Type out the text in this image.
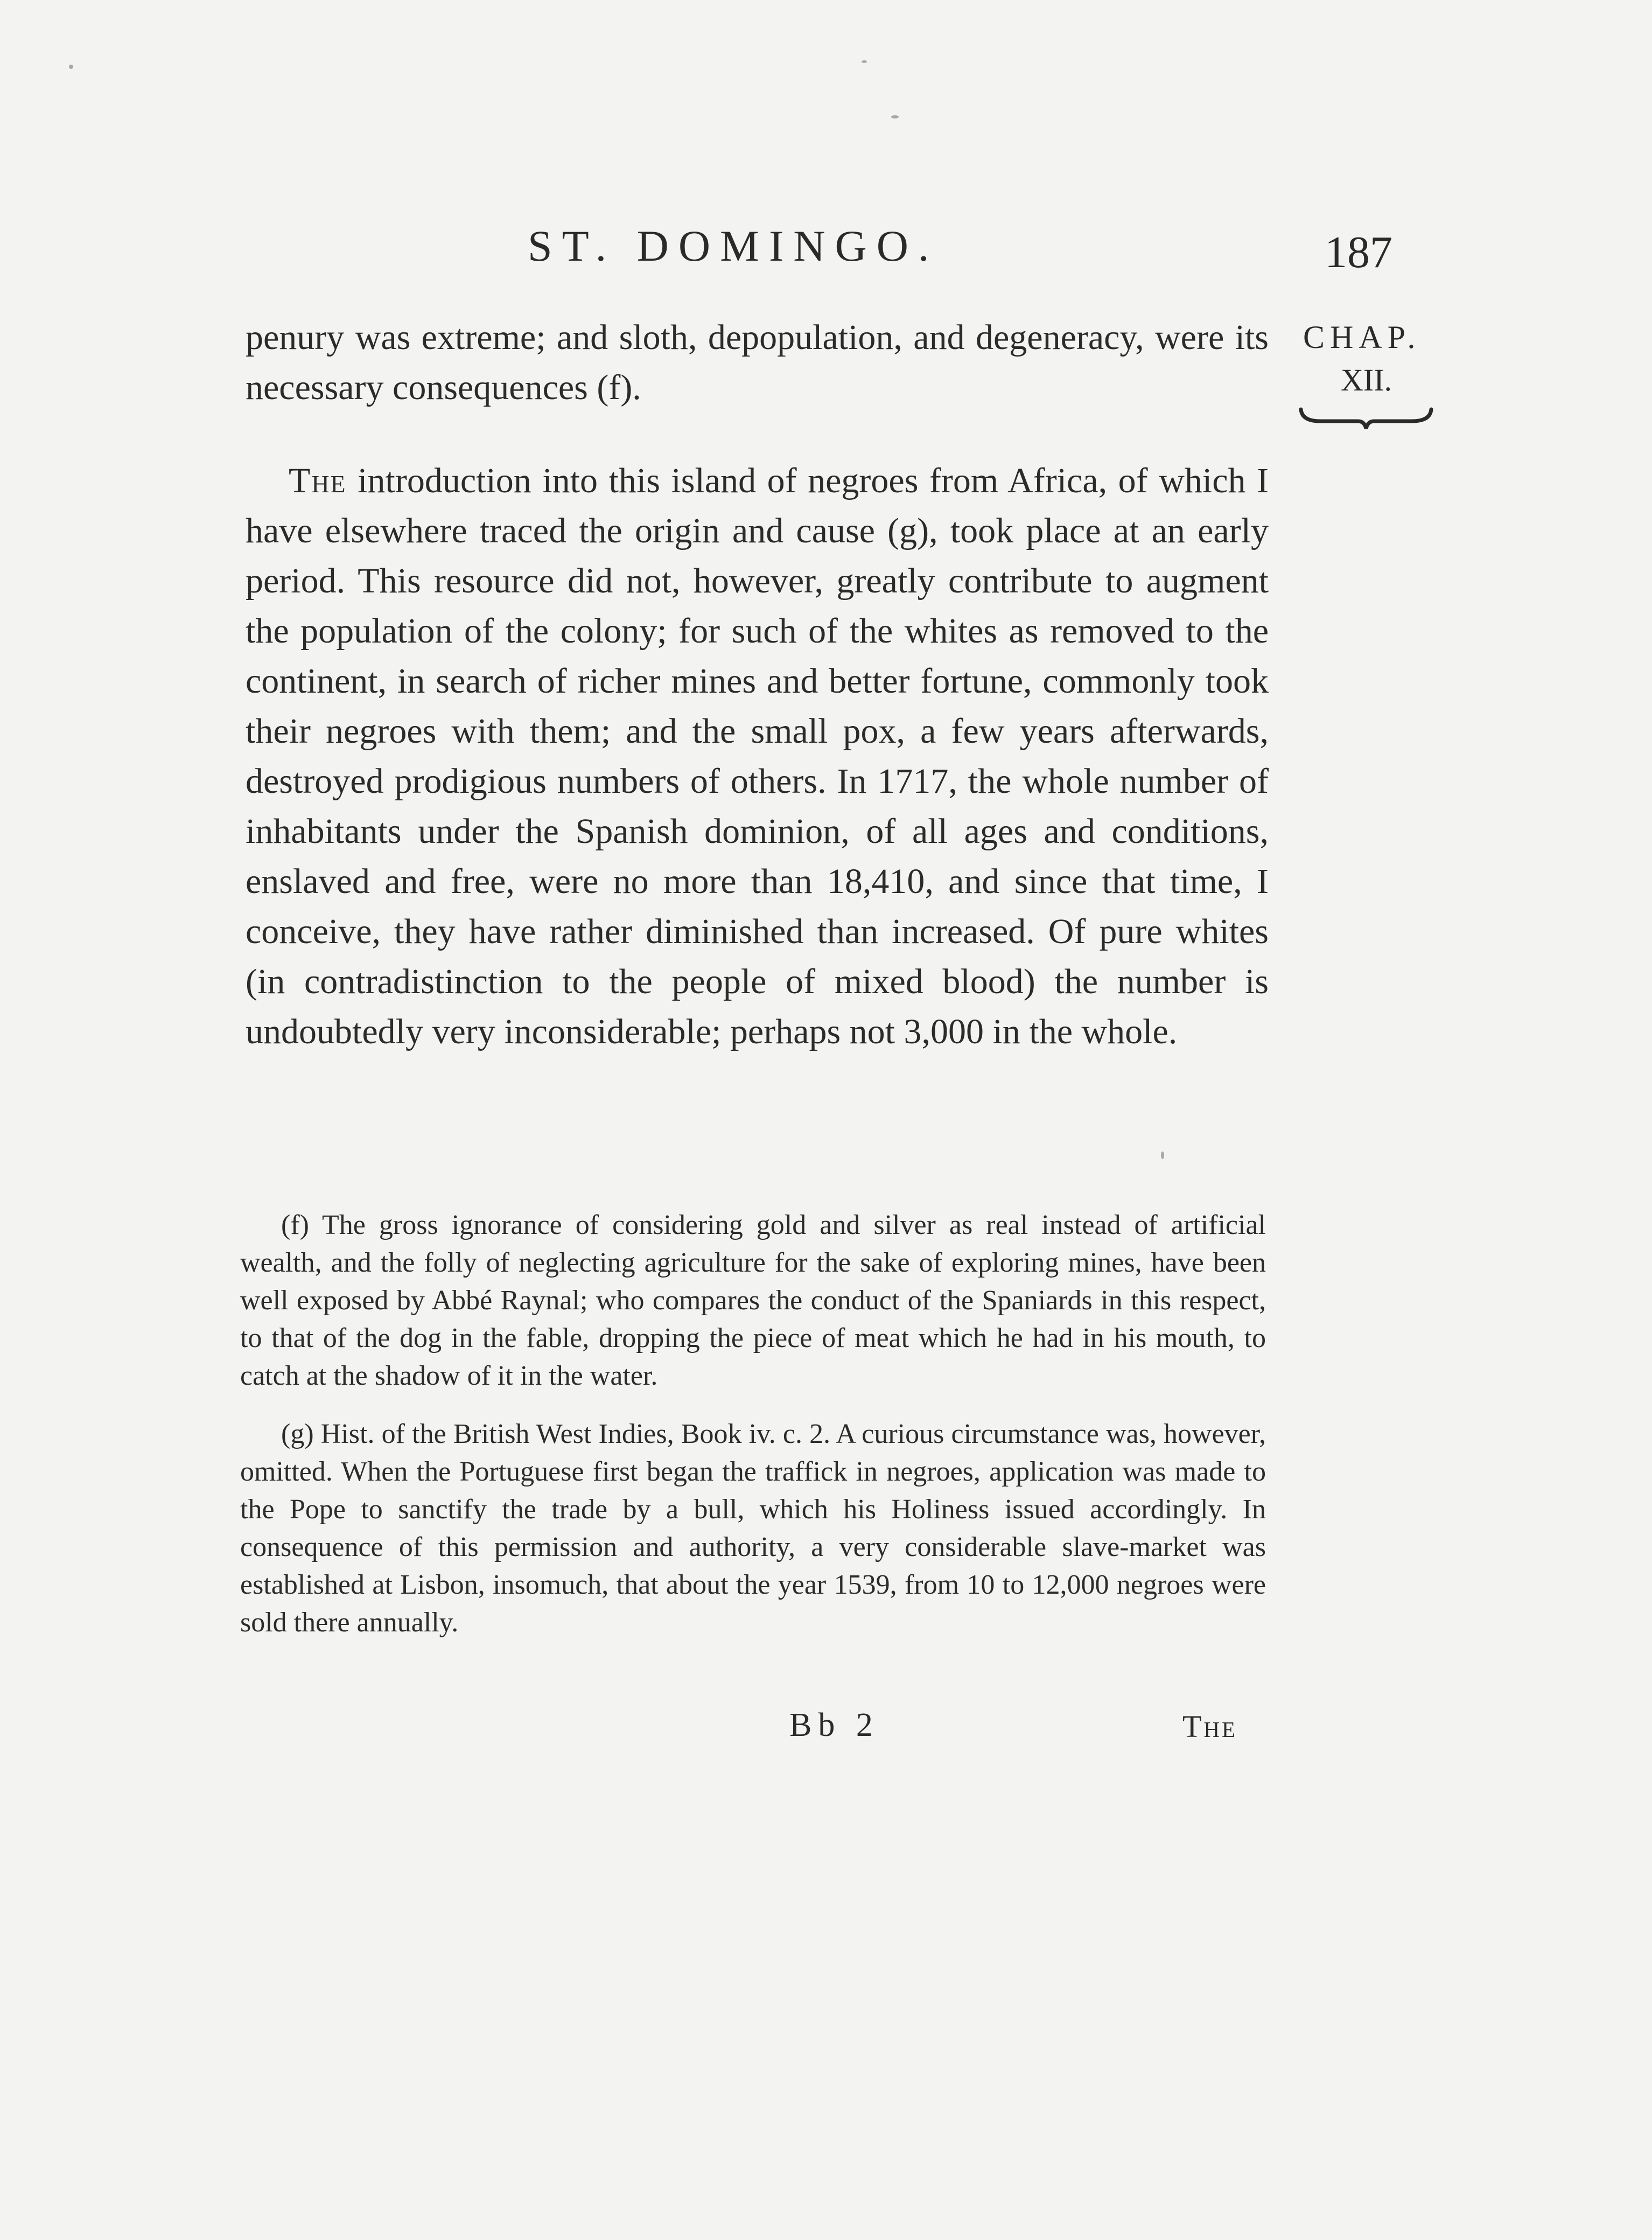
ST. DOMINGO.	187
CHAP.
XII.

penury was extreme; and sloth, depopulation, and degeneracy, were its necessary consequences (f).

The introduction into this island of negroes from Africa, of which I have elsewhere traced the origin and cause (g), took place at an early period. This resource did not, however, greatly contribute to augment the population of the colony; for such of the whites as removed to the continent, in search of richer mines and better fortune, commonly took their negroes with them; and the small pox, a few years afterwards, destroyed prodigious numbers of others. In 1717, the whole number of inhabitants under the Spanish dominion, of all ages and conditions, enslaved and free, were no more than 18,410, and since that time, I conceive, they have rather diminished than increased. Of pure whites (in contradistinction to the people of mixed blood) the number is undoubtedly very inconsiderable; perhaps not 3,000 in the whole.

(f) The gross ignorance of considering gold and silver as real instead of artificial wealth, and the folly of neglecting agriculture for the sake of exploring mines, have been well exposed by Abbé Raynal; who compares the conduct of the Spaniards in this respect, to that of the dog in the fable, dropping the piece of meat which he had in his mouth, to catch at the shadow of it in the water.

(g) Hist. of the British West Indies, Book iv. c. 2. A curious circumstance was, however, omitted. When the Portuguese first began the traffick in negroes, application was made to the Pope to sanctify the trade by a bull, which his Holiness issued accordingly. In consequence of this permission and authority, a very considerable slave-market was established at Lisbon, insomuch, that about the year 1539, from 10 to 12,000 negroes were sold there annually.

Bb 2	The
